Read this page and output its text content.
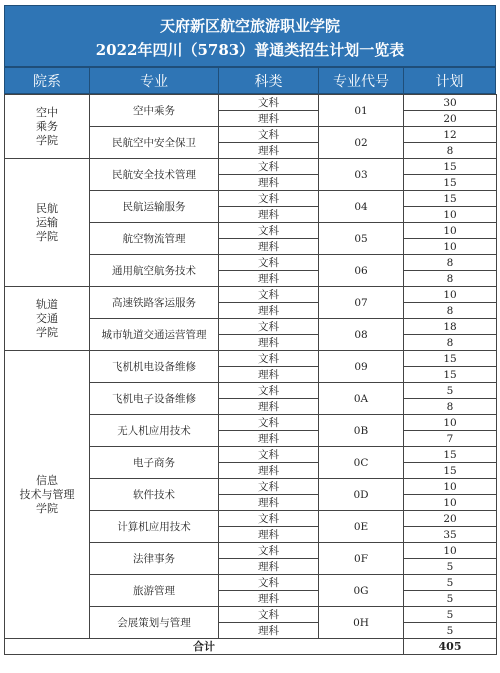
天府新区航空旅游职业学院
2022年四川（5783）普通类招生计划一览表
院系	专业	科类	专业代号	计划
空中
乘务
学院	空中乘务	文科	01	30
		理科		20
	民航空中安全保卫	文科	02	12
		理科		8

民航
运输
学院	民航安全技术管理	文科	03	15
		理科		15
	民航运输服务	文科	04	15
		理科		10
	航空物流管理	文科	05	10
		理科		10
	通用航空航务技术	文科	06	8
		理科		8

轨道
交通
学院	高速铁路客运服务	文科	07	10
		理科		8
	城市轨道交通运营管理	文科	08	18
		理科		8

信息
技术与管理
学院	飞机机电设备维修	文科	09	15
		理科		15
	飞机电子设备维修	文科	0A	5
		理科		8
	无人机应用技术	文科	0B	10
		理科		7
	电子商务	文科	0C	15
		理科		15
	软件技术	文科	0D	10
		理科		10
	计算机应用技术	文科	0E	20
		理科		35
	法律事务	文科	0F	10
		理科		5
	旅游管理	文科	0G	5
		理科		5
	会展策划与管理	文科	0H	5
		理科		5
合计				405
